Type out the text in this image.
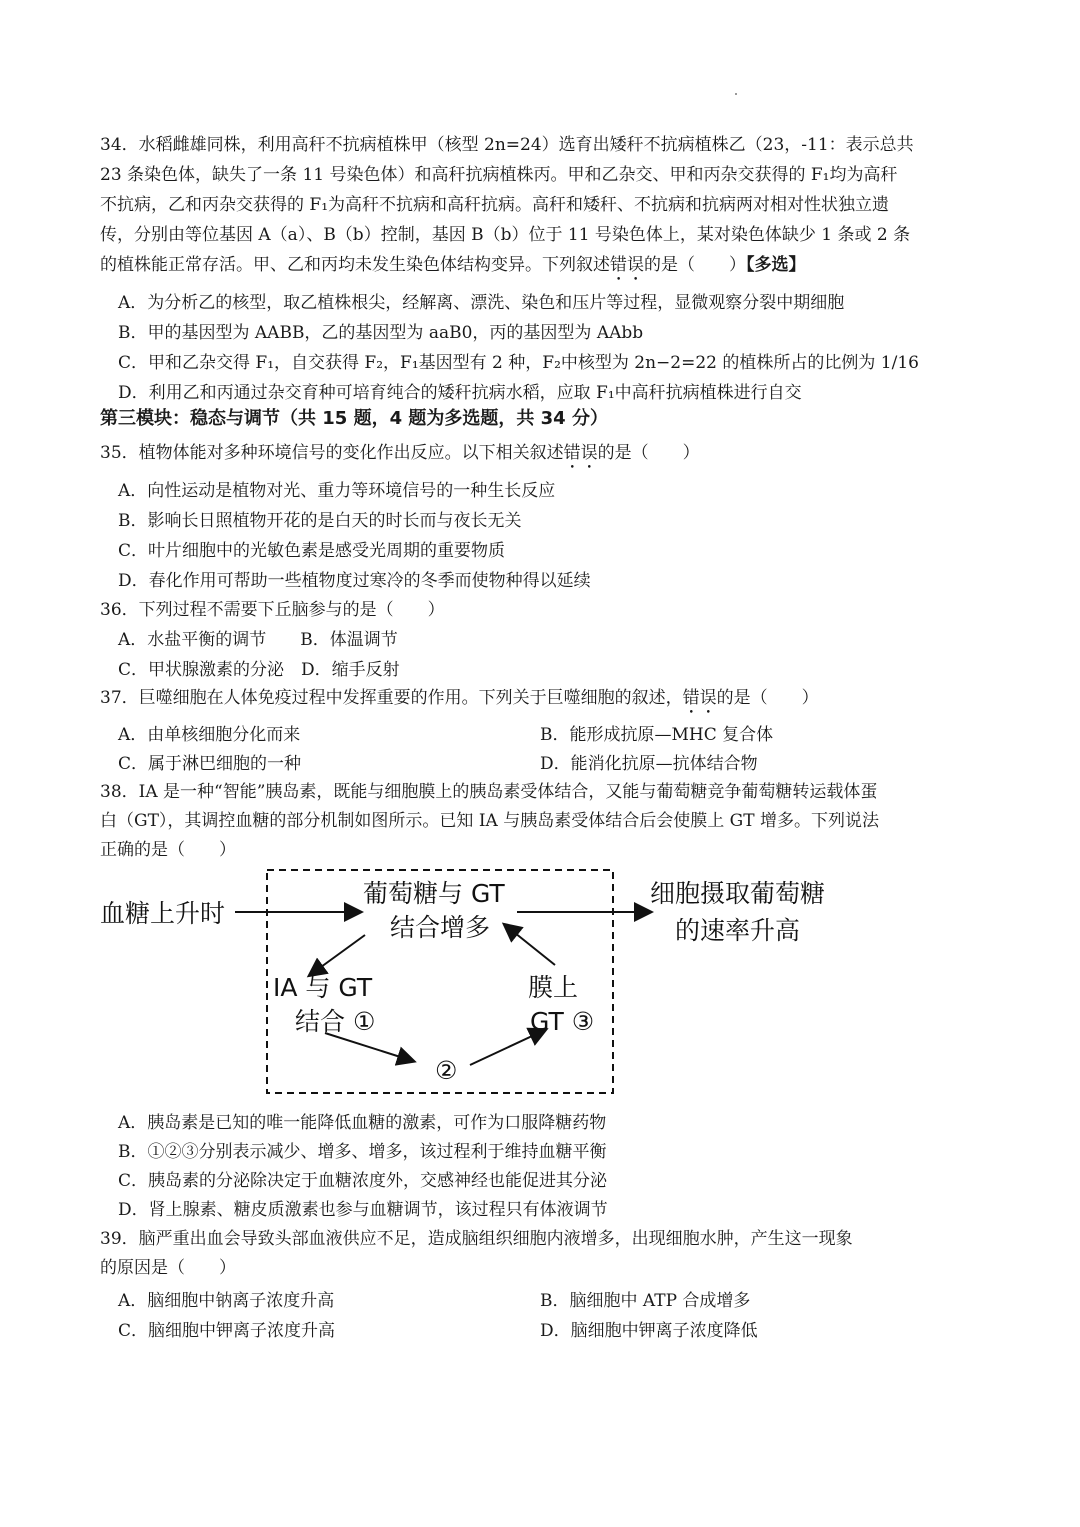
34．水稻雌雄同株，利用高秆不抗病植株甲（核型 2n=24）选育出矮秆不抗病植株乙（23，-11：表示总共
23 条染色体，缺失了一条 11 号染色体）和高秆抗病植株丙。甲和乙杂交、甲和丙杂交获得的 F₁均为高秆
不抗病，乙和丙杂交获得的 F₁为高秆不抗病和高秆抗病。高秆和矮秆、不抗病和抗病两对相对性状独立遗
传，分别由等位基因 A（a）、B（b）控制，基因 B（b）位于 11 号染色体上，某对染色体缺少 1 条或 2 条
的植株能正常存活。甲、乙和丙均未发生染色体结构变异。下列叙述错误的是（　　）【多选】
A．为分析乙的核型，取乙植株根尖，经解离、漂洗、染色和压片等过程，显微观察分裂中期细胞
B．甲的基因型为 AABB，乙的基因型为 aaB0，丙的基因型为 AAbb
C．甲和乙杂交得 F₁，自交获得 F₂，F₁基因型有 2 种，F₂中核型为 2n−2=22 的植株所占的比例为 1/16
D．利用乙和丙通过杂交育种可培育纯合的矮秆抗病水稻，应取 F₁中高秆抗病植株进行自交
第三模块：稳态与调节（共 15 题，4 题为多选题，共 34 分）
35．植物体能对多种环境信号的变化作出反应。以下相关叙述错误的是（　　）
A．向性运动是植物对光、重力等环境信号的一种生长反应
B．影响长日照植物开花的是白天的时长而与夜长无关
C．叶片细胞中的光敏色素是感受光周期的重要物质
D．春化作用可帮助一些植物度过寒冷的冬季而使物种得以延续
36．下列过程不需要下丘脑参与的是（　　）
A．水盐平衡的调节　　B．体温调节
C．甲状腺激素的分泌　D．缩手反射
37．巨噬细胞在人体免疫过程中发挥重要的作用。下列关于巨噬细胞的叙述，错误的是（　　）
A．由单核细胞分化而来	B．能形成抗原—MHC 复合体
C．属于淋巴细胞的一种	D．能消化抗原—抗体结合物
38．IA 是一种“智能”胰岛素，既能与细胞膜上的胰岛素受体结合，又能与葡萄糖竞争葡萄糖转运载体蛋
白（GT），其调控血糖的部分机制如图所示。已知 IA 与胰岛素受体结合后会使膜上 GT 增多。下列说法
正确的是（　　）
血糖上升时
葡萄糖与 GT
结合增多
细胞摄取葡萄糖
的速率升高
IA 与 GT
结合 ①
膜上
GT ③
②
A．胰岛素是已知的唯一能降低血糖的激素，可作为口服降糖药物
B．①②③分别表示减少、增多、增多，该过程利于维持血糖平衡
C．胰岛素的分泌除决定于血糖浓度外，交感神经也能促进其分泌
D．肾上腺素、糖皮质激素也参与血糖调节，该过程只有体液调节
39．脑严重出血会导致头部血液供应不足，造成脑组织细胞内液增多，出现细胞水肿，产生这一现象
的原因是（　　）
A．脑细胞中钠离子浓度升高	B．脑细胞中 ATP 合成增多
C．脑细胞中钾离子浓度升高	D．脑细胞中钾离子浓度降低
